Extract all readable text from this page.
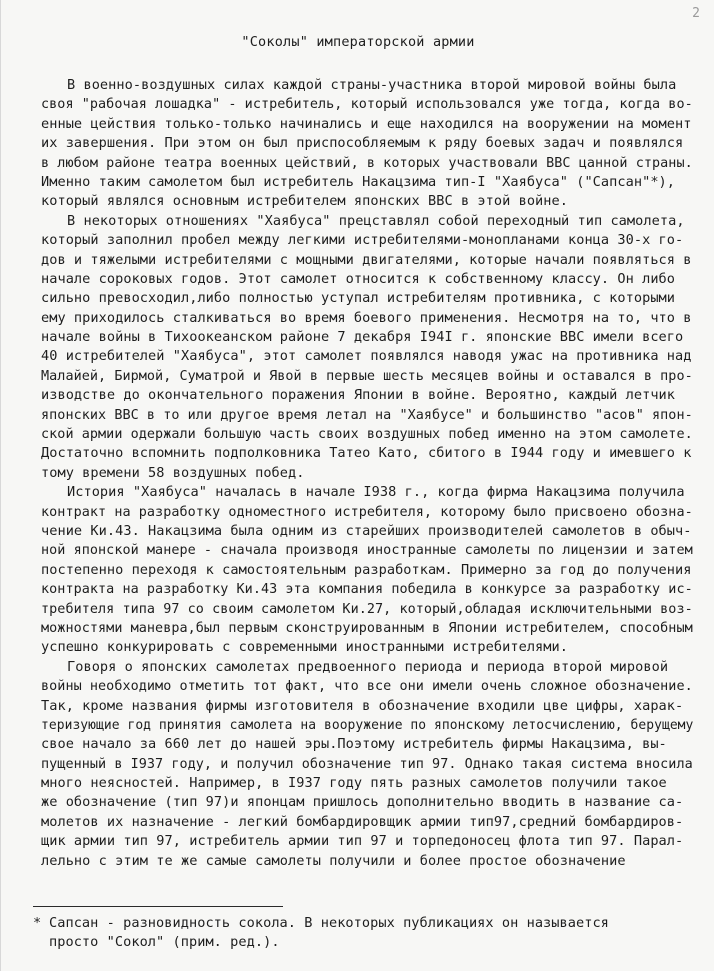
2
"Соколы" императорской армии
В военно-воздушных силах каждой страны-участника второй мировой войны была
своя "рабочая лошадка" - истребитель, который использовался уже тогда, когда во-
енные цействия только-только начинались и еще находился на вооружении на момент
их завершения. При этом он был приспособляемым к ряду боевых задач и появлялся
в любом районе театра военных цействий, в которых участвовали ВВС цанной страны.
Именно таким самолетом был истребитель Накацзима тип-I "Хаябуса" ("Сапсан"*),
который являлся основным истребителем японских ВВС в этой войне.
В некоторых отношениях "Хаябуса" прецставлял собой переходный тип самолета,
который заполнил пробел между легкими истребителями-монопланами конца 30-х го-
дов и тяжелыми истребителями с мощными двигателями, которые начали появляться в
начале сороковых годов. Этот самолет относится к собственному классу. Он либо
сильно превосходил,либо полностью уступал истребителям противника, с которыми
ему приходилось сталкиваться во время боевого применения. Несмотря на то, что в
начале войны в Тихоокеанском районе 7 декабря I94I г. японские ВВС имели всего
40 истребителей "Хаябуса", этот самолет появлялся наводя ужас на противника над
Малайей, Бирмой, Суматрой и Явой в первые шесть месяцев войны и оставался в про-
изводстве до окончательного поражения Японии в войне. Вероятно, каждый летчик
японских ВВС в то или другое время летал на "Хаябусе" и большинство "асов" япон-
ской армии одержали большую часть своих воздушных побед именно на этом самолете.
Достаточно вспомнить подполковника Татео Като, сбитого в I944 году и имевшего к
тому времени 58 воздушных побед.
История "Хаябуса" началась в начале I938 г., когда фирма Накацзима получила
контракт на разработку одноместного истребителя, которому было присвоено обозна-
чение Ки.43. Накацзима была одним из старейших производителей самолетов в обыч-
ной японской манере - сначала производя иностранные самолеты по лицензии и затем
постепенно переходя к самостоятельным разработкам. Примерно за год до получения
контракта на разработку Ки.43 эта компания победила в конкурсе за разработку ис-
требителя типа 97 со своим самолетом Ки.27, который,обладая исключительными воз-
можностями маневра,был первым сконструированным в Японии истребителем, способным
успешно конкурировать с современными иностранными истребителями.
Говоря о японских самолетах предвоенного периода и периода второй мировой
войны необходимо отметить тот факт, что все они имели очень сложное обозначение.
Так, кроме названия фирмы изготовителя в обозначение входили цве цифры, харак-
теризующие год принятия самолета на вооружение по японскому летосчислению, берущему
свое начало за 660 лет до нашей эры.Поэтому истребитель фирмы Накацзима, вы-
пущенный в I937 году, и получил обозначение тип 97. Однако такая система вносила
много неясностей. Например, в I937 году пять разных самолетов получили такое
же обозначение (тип 97)и японцам пришлось дополнительно вводить в название са-
молетов их назначение - легкий бомбардировщик армии тип97,средний бомбардиров-
щик армии тип 97, истребитель армии тип 97 и торпедоносец флота тип 97. Парал-
лельно с этим те же самые самолеты получили и более простое обозначение
* Сапсан - разновидность сокола. В некоторых публикациях он называется
просто "Сокол" (прим. ред.).
